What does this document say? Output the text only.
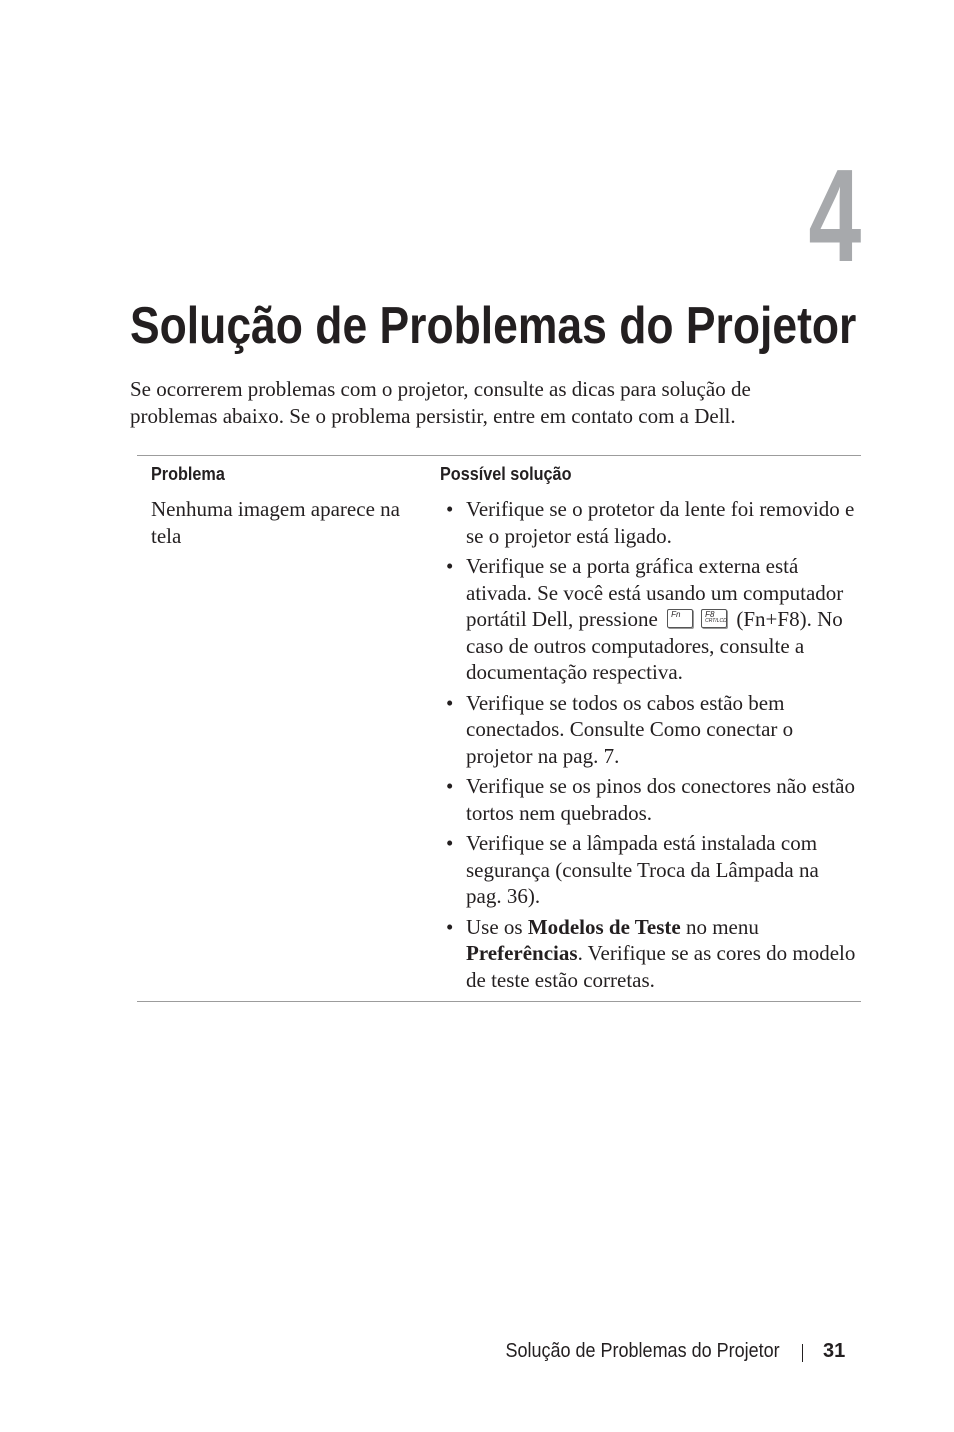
4
Solução de Problemas do Projetor

Se ocorrerem problemas com o projetor, consulte as dicas para solução de problemas abaixo. Se o problema persistir, entre em contato com a Dell.

Problema	Possível solução
Nenhuma imagem aparece na tela
• Verifique se o protetor da lente foi removido e se o projetor está ligado.
• Verifique se a porta gráfica externa está ativada. Se você está usando um computador portátil Dell, pressione Fn	F8
CRT/LCD (Fn+F8). No caso de outros computadores, consulte a documentação respectiva.
• Verifique se todos os cabos estão bem conectados. Consulte Como conectar o projetor na pag. 7.
• Verifique se os pinos dos conectores não estão tortos nem quebrados.
• Verifique se a lâmpada está instalada com segurança (consulte Troca da Lâmpada na pag. 36).
• Use os Modelos de Teste no menu Preferências. Verifique se as cores do modelo de teste estão corretas.
Solução de Problemas do Projetor 31
